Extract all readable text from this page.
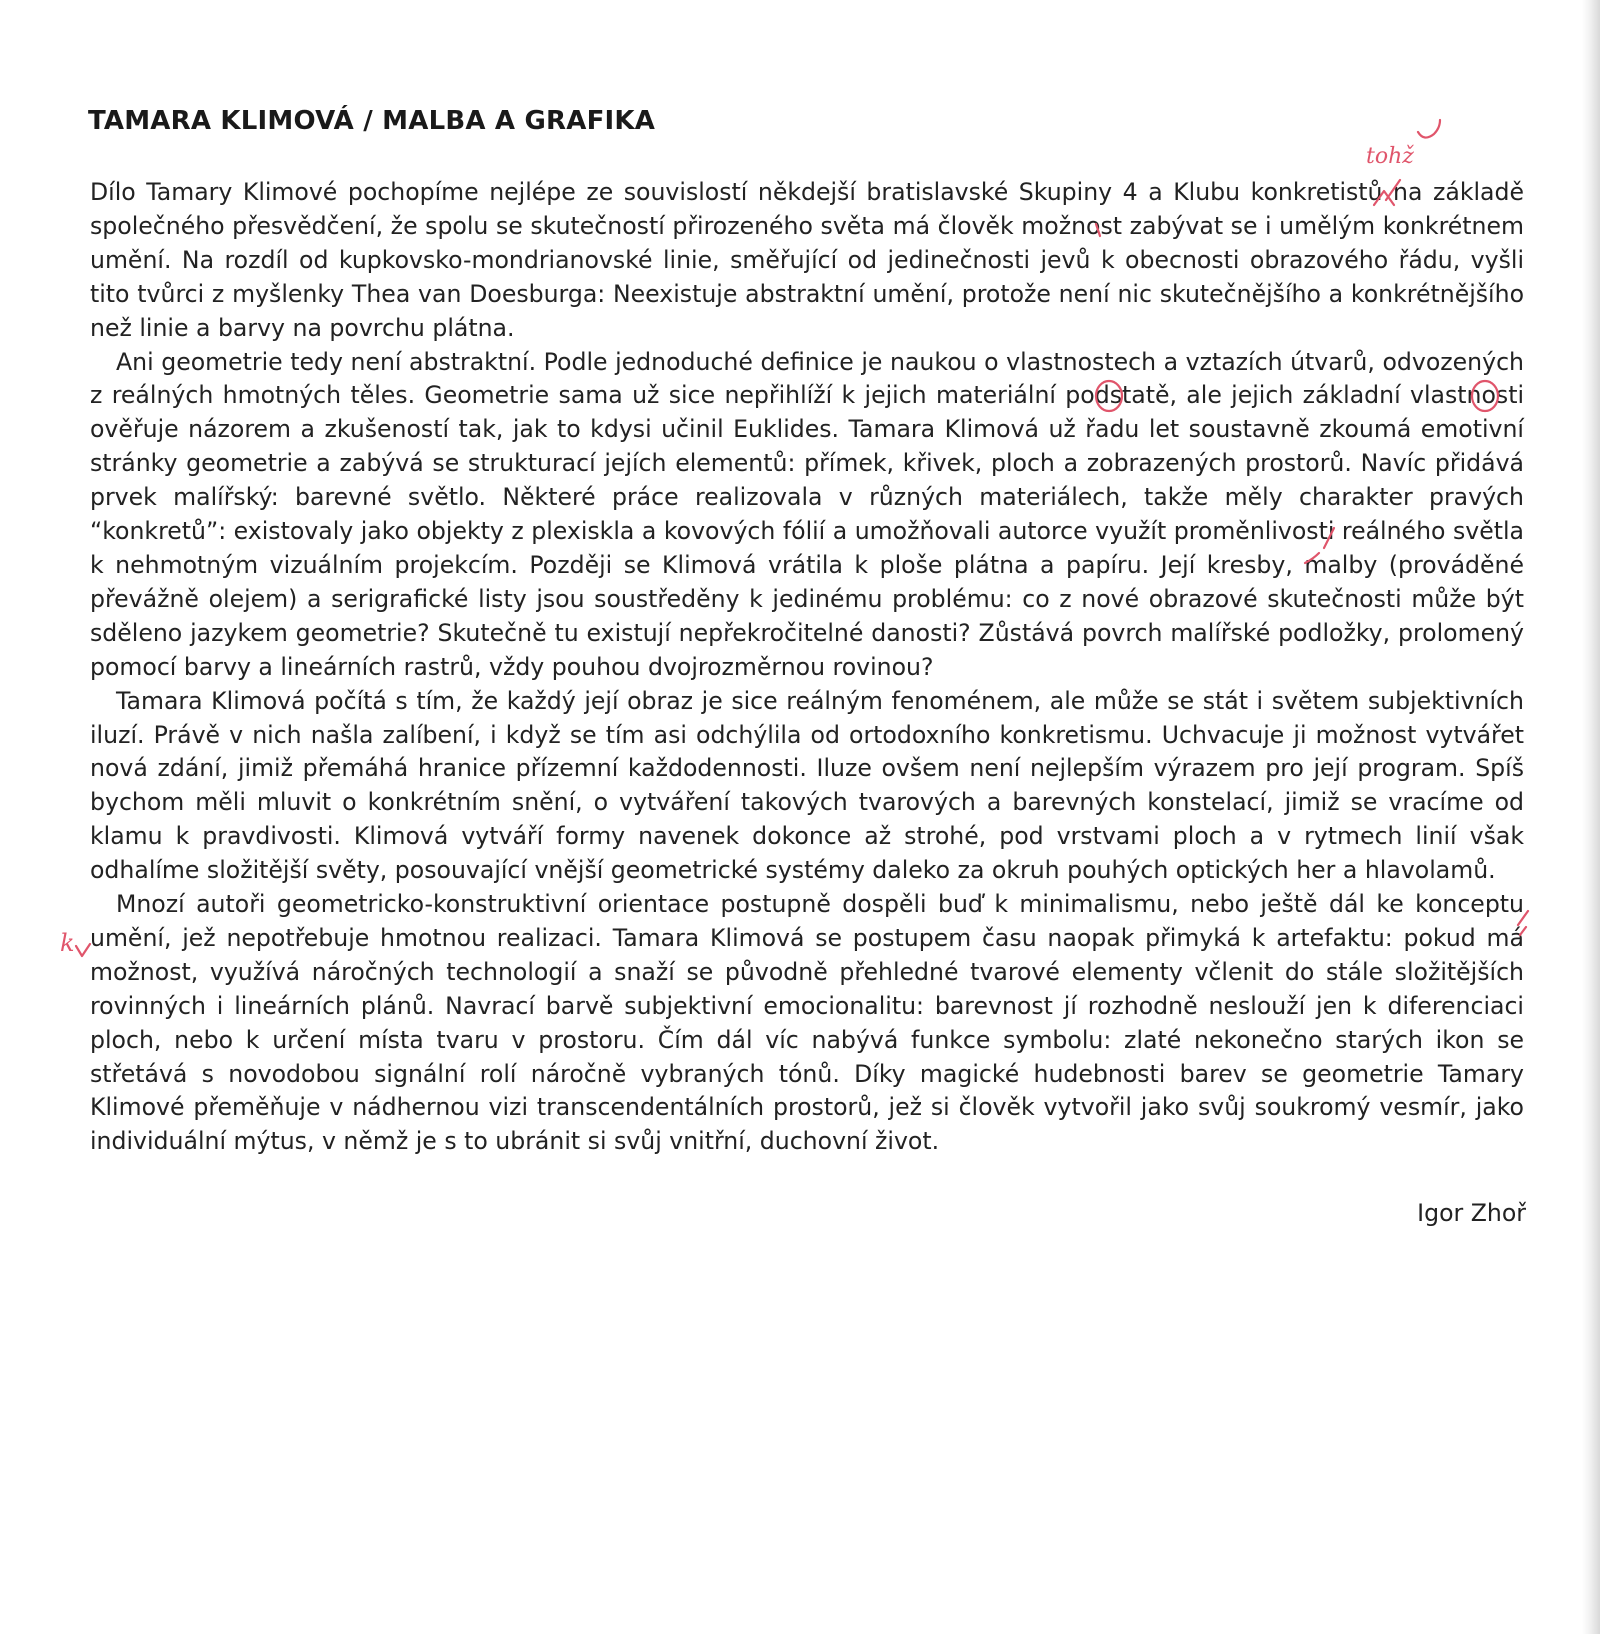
TAMARA KLIMOVÁ / MALBA A GRAFIKA

Dílo Tamary Klimové pochopíme nejlépe ze souvislostí někdejší bratislavské Skupiny 4 a Klubu konkretistů na základě společného přesvědčení, že spolu se skutečností přirozeného světa má člověk možnost zabývat se i umělým konkrétnem umění. Na rozdíl od kupkovsko-mondrianovské linie, směřující od jedinečnosti jevů k obecnosti obrazového řádu, vyšli tito tvůrci z myšlenky Thea van Doesburga: Neexistuje abstraktní umění, protože není nic skutečnějšího a konkrétnějšího než linie a barvy na povrchu plátna.

Ani geometrie tedy není abstraktní. Podle jednoduché definice je naukou o vlastnostech a vztazích útvarů, odvozených z reálných hmotných těles. Geometrie sama už sice nepřihlíží k jejich materiální podstatě, ale jejich základní vlastnosti ověřuje názorem a zkušeností tak, jak to kdysi učinil Euklides. Tamara Klimová už řadu let soustavně zkoumá emotivní stránky geometrie a zabývá se strukturací jejích elementů: přímek, křivek, ploch a zobrazených prostorů. Navíc přidává prvek malířský: barevné světlo. Některé práce realizovala v různých materiálech, takže měly charakter pravých “konkretů”: existovaly jako objekty z plexiskla a kovových fólií a umožňovali autorce využít proměnlivosti reálného světla k nehmotným vizuálním projekcím. Později se Klimová vrátila k ploše plátna a papíru. Její kresby, malby (prováděné převážně olejem) a serigrafické listy jsou soustředěny k jedinému problému: co z nové obrazové skutečnosti může být sděleno jazykem geometrie? Skutečně tu existují nepřekročitelné danosti? Zůstává povrch malířské podložky, prolomený pomocí barvy a lineárních rastrů, vždy pouhou dvojrozměrnou rovinou?

Tamara Klimová počítá s tím, že každý její obraz je sice reálným fenoménem, ale může se stát i světem subjektivních iluzí. Právě v nich našla zalíbení, i když se tím asi odchýlila od ortodoxního konkretismu. Uchvacuje ji možnost vytvářet nová zdání, jimiž přemáhá hranice přízemní každodennosti. Iluze ovšem není nejlepším výrazem pro její program. Spíš bychom měli mluvit o konkrétním snění, o vytváření takových tvarových a barevných konstelací, jimiž se vracíme od klamu k pravdivosti. Klimová vytváří formy navenek dokonce až strohé, pod vrstvami ploch a v rytmech linií však odhalíme složitější světy, posouvající vnější geometrické systémy daleko za okruh pouhých optických her a hlavolamů.

Mnozí autoři geometricko-konstruktivní orientace postupně dospěli buď k minimalismu, nebo ještě dál ke konceptu umění, jež nepotřebuje hmotnou realizaci. Tamara Klimová se postupem času naopak přimyká k artefaktu: pokud má možnost, využívá náročných technologií a snaží se původně přehledné tvarové elementy včlenit do stále složitějších rovinných i lineárních plánů. Navrací barvě subjektivní emocionalitu: barevnost jí rozhodně neslouží jen k diferenciaci ploch, nebo k určení místa tvaru v prostoru. Čím dál víc nabývá funkce symbolu: zlaté nekonečno starých ikon se střetává s novodobou signální rolí náročně vybraných tónů. Díky magické hudebnosti barev se geometrie Tamary Klimové přeměňuje v nádhernou vizi transcendentálních prostorů, jež si člověk vytvořil jako svůj soukromý vesmír, jako individuální mýtus, v němž je s to ubránit si svůj vnitřní, duchovní život.

Igor Zhoř
tohž
k
